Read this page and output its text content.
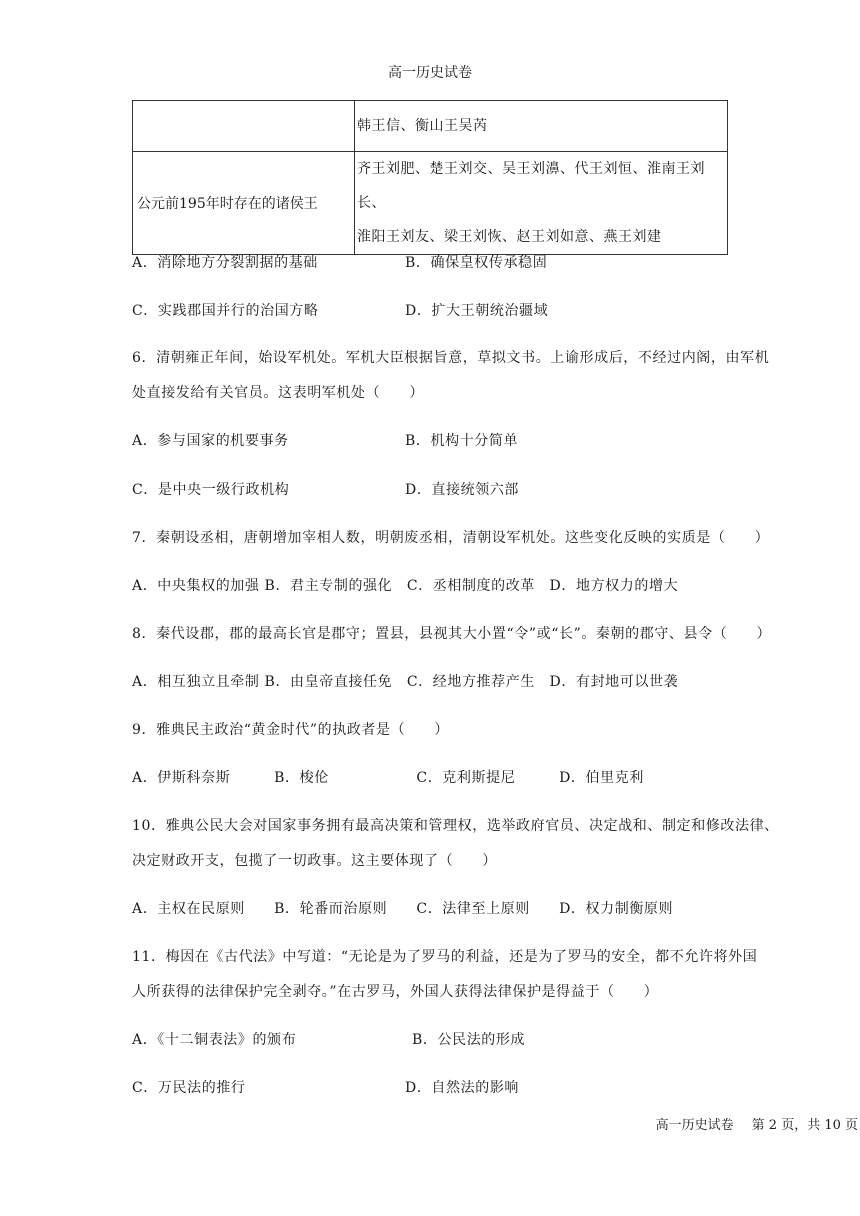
高一历史试卷
	韩王信、衡山王吴芮
公元前195年时存在的诸侯王	齐王刘肥、楚王刘交、吴王刘濞、代王刘恒、淮南王刘长、
淮阳王刘友、梁王刘恢、赵王刘如意、燕王刘建
A．消除地方分裂割据的基础	B．确保皇权传承稳固
C．实践郡国并行的治国方略	D．扩大王朝统治疆域
6．清朝雍正年间，始设军机处。军机大臣根据旨意，草拟文书。上谕形成后，不经过内阁，由军机
处直接发给有关官员。这表明军机处（　　）
A．参与国家的机要事务	B．机构十分简单
C．是中央一级行政机构	D．直接统领六部
7．秦朝设丞相，唐朝增加宰相人数，明朝废丞相，清朝设军机处。这些变化反映的实质是（　　）
A．中央集权的加强 B．君主专制的强化　C．丞相制度的改革　D．地方权力的增大
8．秦代设郡，郡的最高长官是郡守；置县，县视其大小置“令”或“长”。秦朝的郡守、县令（　　）
A．相互独立且牵制 B．由皇帝直接任免　C．经地方推荐产生　D．有封地可以世袭
9．雅典民主政治“黄金时代”的执政者是（　　）
A．伊斯科奈斯　　　B．梭伦　　　　　　C．克利斯提尼　　　D．伯里克利
10．雅典公民大会对国家事务拥有最高决策和管理权，选举政府官员、决定战和、制定和修改法律、
决定财政开支，包揽了一切政事。这主要体现了（　　）
A．主权在民原则　　B．轮番而治原则　　C．法律至上原则　　D．权力制衡原则
11．梅因在《古代法》中写道：“无论是为了罗马的利益，还是为了罗马的安全，都不允许将外国
人所获得的法律保护完全剥夺。”在古罗马，外国人获得法律保护是得益于（　　）
A．《十二铜表法》的颁布	B．公民法的形成
C．万民法的推行	D．自然法的影响
高一历史试卷 第 2 页，共 10 页
